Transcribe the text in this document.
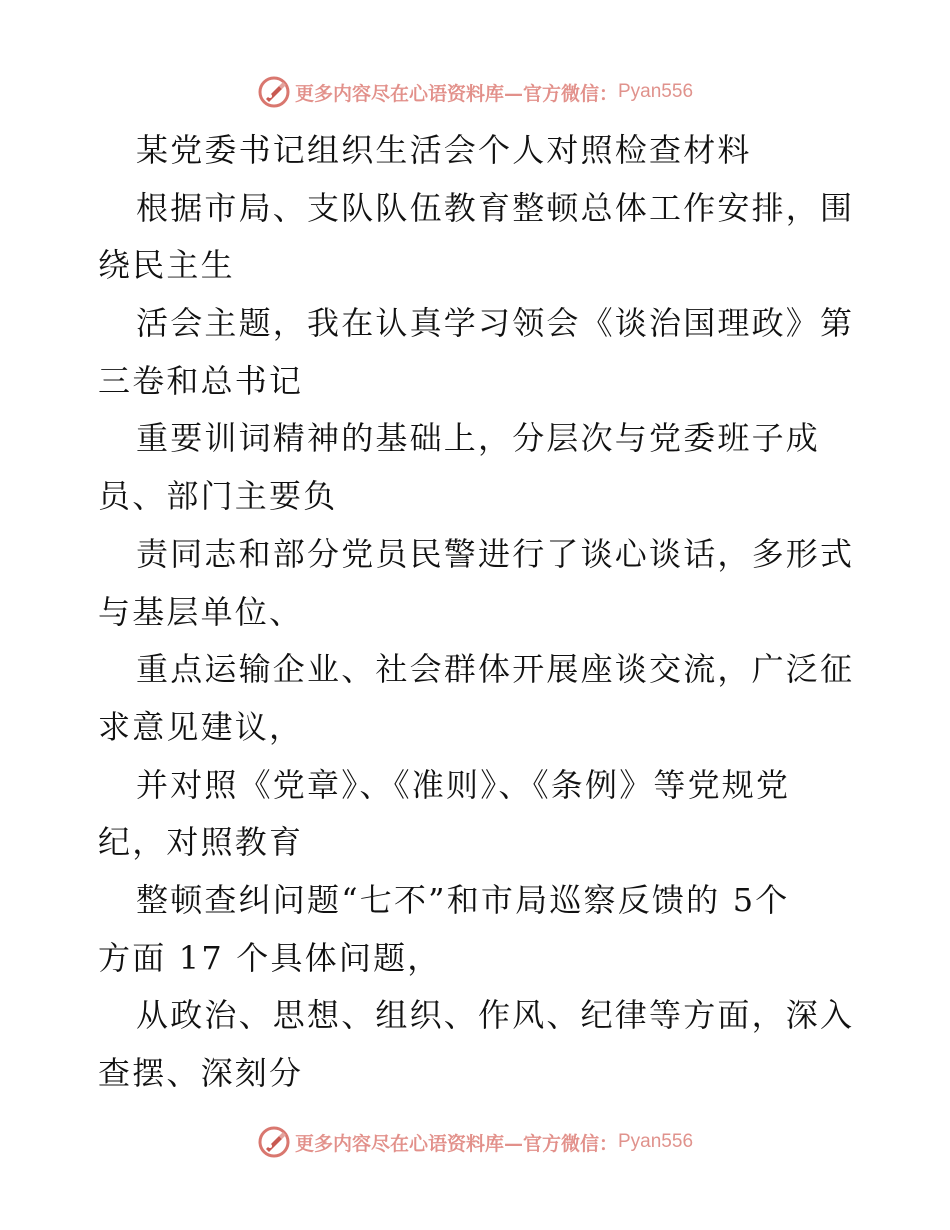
更多内容尽在心语资料库—官方微信： Pyan556
某党委书记组织生活会个人对照检查材料
根据市局、支队队伍教育整顿总体工作安排，围
绕民主生
活会主题，我在认真学习领会《谈治国理政》第
三卷和总书记
重要训词精神的基础上，分层次与党委班子成
员、部门主要负
责同志和部分党员民警进行了谈心谈话，多形式
与基层单位、
重点运输企业、社会群体开展座谈交流，广泛征
求意见建议，
并对照《党章》、《准则》、《条例》等党规党
纪，对照教育
整顿查纠问题“七不”和市局巡察反馈的 5个
方面 17 个具体问题，
从政治、思想、组织、作风、纪律等方面，深入
查摆、深刻分
更多内容尽在心语资料库—官方微信： Pyan556
